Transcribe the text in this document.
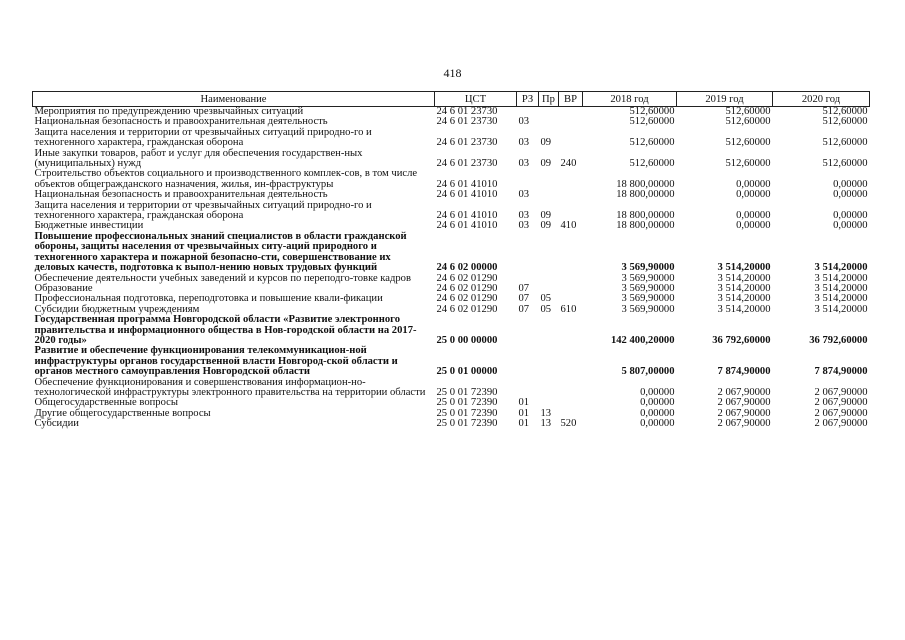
418
Наименование	ЦСТ	РЗ	Пр	ВР	2018 год	2019 год	2020 год
Мероприятия по предупреждению чрезвычайных ситуаций	24 6 01 23730				512,60000	512,60000	512,60000
Национальная безопасность и правоохранительная деятельность	24 6 01 23730	03			512,60000	512,60000	512,60000
Защита населения и территории от чрезвычайных ситуаций природно-го и техногенного характера, гражданская оборона	24 6 01 23730	03	09		512,60000	512,60000	512,60000
Иные закупки товаров, работ и услуг для обеспечения государствен-ных (муниципальных) нужд	24 6 01 23730	03	09	240	512,60000	512,60000	512,60000
Строительство объектов социального и производственного комплек-сов, в том числе объектов общегражданского назначения, жилья, ин-фраструктуры	24 6 01 41010				18 800,00000	0,00000	0,00000
Национальная безопасность и правоохранительная деятельность	24 6 01 41010	03			18 800,00000	0,00000	0,00000
Защита населения и территории от чрезвычайных ситуаций природно-го и техногенного характера, гражданская оборона	24 6 01 41010	03	09		18 800,00000	0,00000	0,00000
Бюджетные инвестиции	24 6 01 41010	03	09	410	18 800,00000	0,00000	0,00000
Повышение профессиональных знаний специалистов в области гражданской обороны, защиты населения от чрезвычайных ситу-аций природного и техногенного характера и пожарной безопасно-сти, совершенствование их деловых качеств, подготовка к выпол-нению новых трудовых функций	24 6 02 00000				3 569,90000	3 514,20000	3 514,20000
Обеспечение деятельности учебных заведений и курсов по переподго-товке кадров	24 6 02 01290				3 569,90000	3 514,20000	3 514,20000
Образование	24 6 02 01290	07			3 569,90000	3 514,20000	3 514,20000
Профессиональная подготовка, переподготовка и повышение квали-фикации	24 6 02 01290	07	05		3 569,90000	3 514,20000	3 514,20000
Субсидии бюджетным учреждениям	24 6 02 01290	07	05	610	3 569,90000	3 514,20000	3 514,20000
Государственная программа Новгородской области «Развитие электронного правительства и информационного общества в Нов-городской области на 2017-2020 годы»	25 0 00 00000				142 400,20000	36 792,60000	36 792,60000
Развитие и обеспечение функционирования телекоммуникацион-ной инфраструктуры органов государственной власти Новгород-ской области и органов местного самоуправления Новгородской области	25 0 01 00000				5 807,00000	7 874,90000	7 874,90000
Обеспечение функционирования и совершенствования информацион-но- технологической инфраструктуры электронного правительства на территории области	25 0 01 72390				0,00000	2 067,90000	2 067,90000
Общегосударственные вопросы	25 0 01 72390	01			0,00000	2 067,90000	2 067,90000
Другие общегосударственные вопросы	25 0 01 72390	01	13		0,00000	2 067,90000	2 067,90000
Субсидии	25 0 01 72390	01	13	520	0,00000	2 067,90000	2 067,90000
